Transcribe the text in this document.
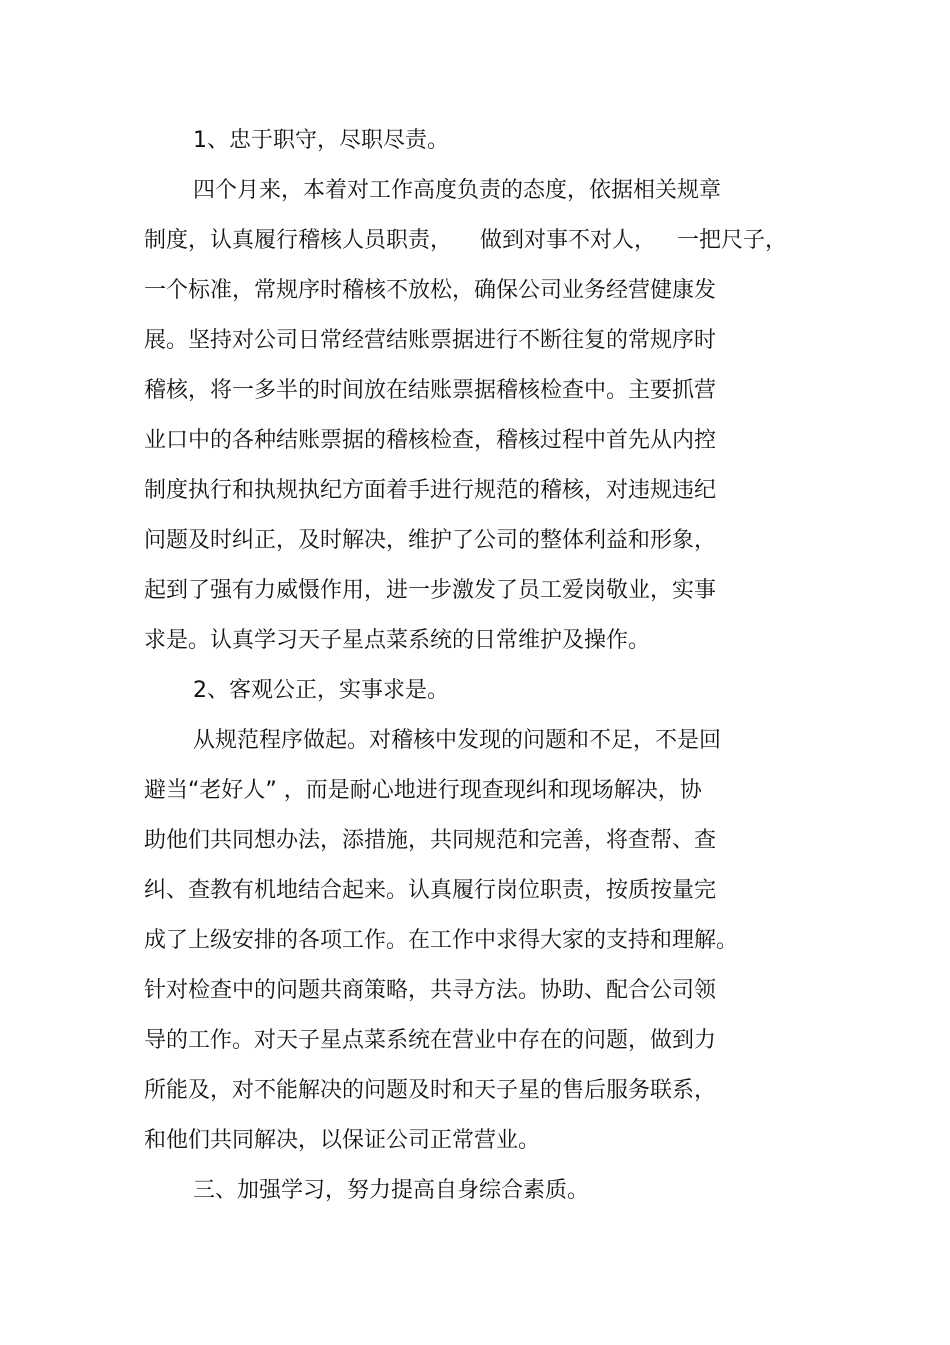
1、忠于职守，尽职尽责。
四个月来，本着对工作高度负责的态度，依据相关规章
制度，认真履行稽核人员职责，    做到对事不对人，   一把尺子，
一个标准，常规序时稽核不放松，确保公司业务经营健康发
展。坚持对公司日常经营结账票据进行不断往复的常规序时
稽核，将一多半的时间放在结账票据稽核检查中。主要抓营
业口中的各种结账票据的稽核检查，稽核过程中首先从内控
制度执行和执规执纪方面着手进行规范的稽核，对违规违纪
问题及时纠正，及时解决，维护了公司的整体利益和形象，
起到了强有力威慑作用，进一步激发了员工爱岗敬业，实事
求是。认真学习天子星点菜系统的日常维护及操作。
2、客观公正，实事求是。
从规范程序做起。对稽核中发现的问题和不足，不是回
避当“老好人” ，而是耐心地进行现查现纠和现场解决，协
助他们共同想办法，添措施，共同规范和完善，将查帮、查
纠、查教有机地结合起来。认真履行岗位职责，按质按量完
成了上级安排的各项工作。在工作中求得大家的支持和理解。
针对检查中的问题共商策略，共寻方法。协助、配合公司领
导的工作。对天子星点菜系统在营业中存在的问题，做到力
所能及，对不能解决的问题及时和天子星的售后服务联系，
和他们共同解决，以保证公司正常营业。
三、加强学习，努力提高自身综合素质。
